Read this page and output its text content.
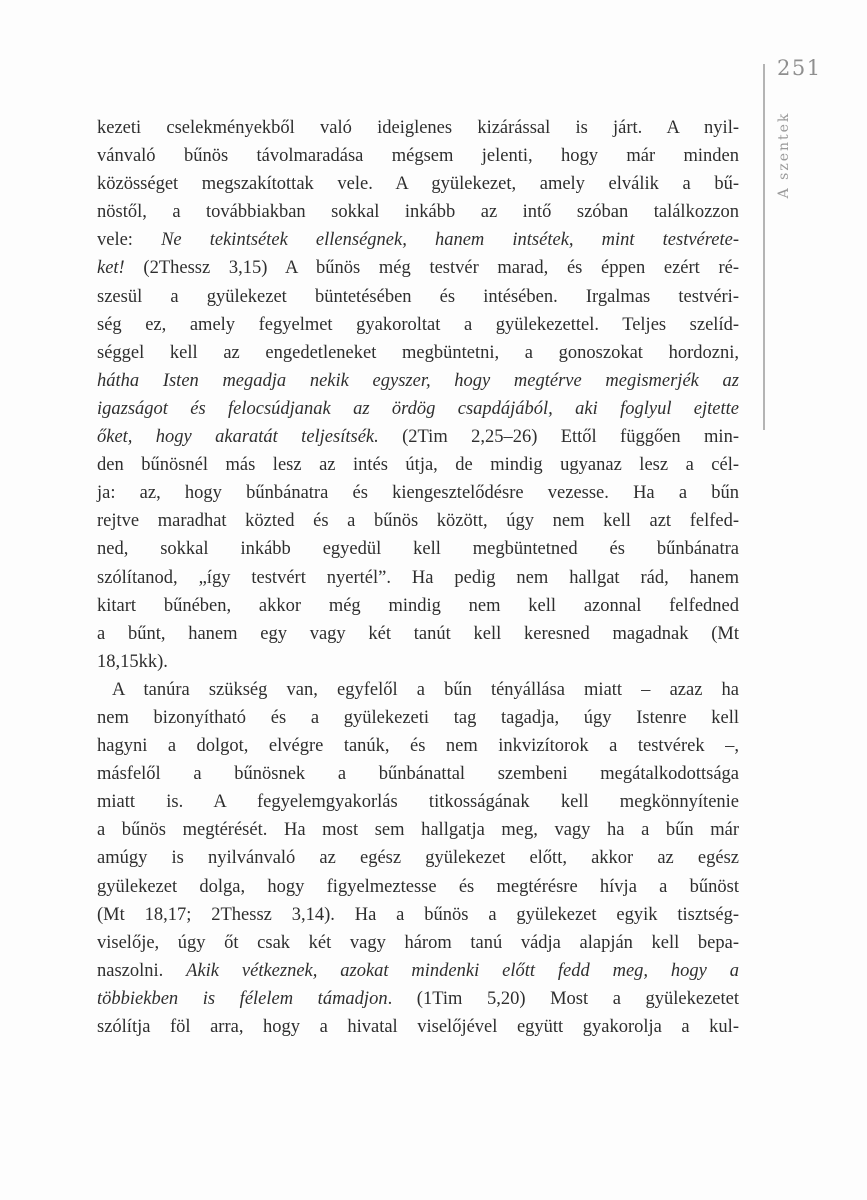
kezeti cselekményekből való ideiglenes kizárással is járt. A nyil-
vánvaló bűnös távolmaradása mégsem jelenti, hogy már minden
közösséget megszakítottak vele. A gyülekezet, amely elválik a bű-
nöstől, a továbbiakban sokkal inkább az intő szóban találkozzon
vele: Ne tekintsétek ellenségnek, hanem intsétek, mint testvérete-
ket! (2Thessz 3,15) A bűnös még testvér marad, és éppen ezért ré-
szesül a gyülekezet büntetésében és intésében. Irgalmas testvéri-
ség ez, amely fegyelmet gyakoroltat a gyülekezettel. Teljes szelíd-
séggel kell az engedetleneket megbüntetni, a gonoszokat hordozni,
hátha Isten megadja nekik egyszer, hogy megtérve megismerjék az
igazságot és felocsúdjanak az ördög csapdájából, aki foglyul ejtette
őket, hogy akaratát teljesítsék. (2Tim 2,25–26) Ettől függően min-
den bűnösnél más lesz az intés útja, de mindig ugyanaz lesz a cél-
ja: az, hogy bűnbánatra és kiengesztelődésre vezesse. Ha a bűn
rejtve maradhat közted és a bűnös között, úgy nem kell azt felfed-
ned, sokkal inkább egyedül kell megbüntetned és bűnbánatra
szólítanod, „így testvért nyertél”. Ha pedig nem hallgat rád, hanem
kitart bűnében, akkor még mindig nem kell azonnal felfedned
a bűnt, hanem egy vagy két tanút kell keresned magadnak (Mt
18,15kk).
A tanúra szükség van, egyfelől a bűn tényállása miatt – azaz ha
nem bizonyítható és a gyülekezeti tag tagadja, úgy Istenre kell
hagyni a dolgot, elvégre tanúk, és nem inkvizítorok a testvérek –,
másfelől a bűnösnek a bűnbánattal szembeni megátalkodottsága
miatt is. A fegyelemgyakorlás titkosságának kell megkönnyítenie
a bűnös megtérését. Ha most sem hallgatja meg, vagy ha a bűn már
amúgy is nyilvánvaló az egész gyülekezet előtt, akkor az egész
gyülekezet dolga, hogy figyelmeztesse és megtérésre hívja a bűnöst
(Mt 18,17; 2Thessz 3,14). Ha a bűnös a gyülekezet egyik tisztség-
viselője, úgy őt csak két vagy három tanú vádja alapján kell bepa-
naszolni. Akik vétkeznek, azokat mindenki előtt fedd meg, hogy a
többiekben is félelem támadjon. (1Tim 5,20) Most a gyülekezetet
szólítja föl arra, hogy a hivatal viselőjével együtt gyakorolja a kul-
251
A szentek
